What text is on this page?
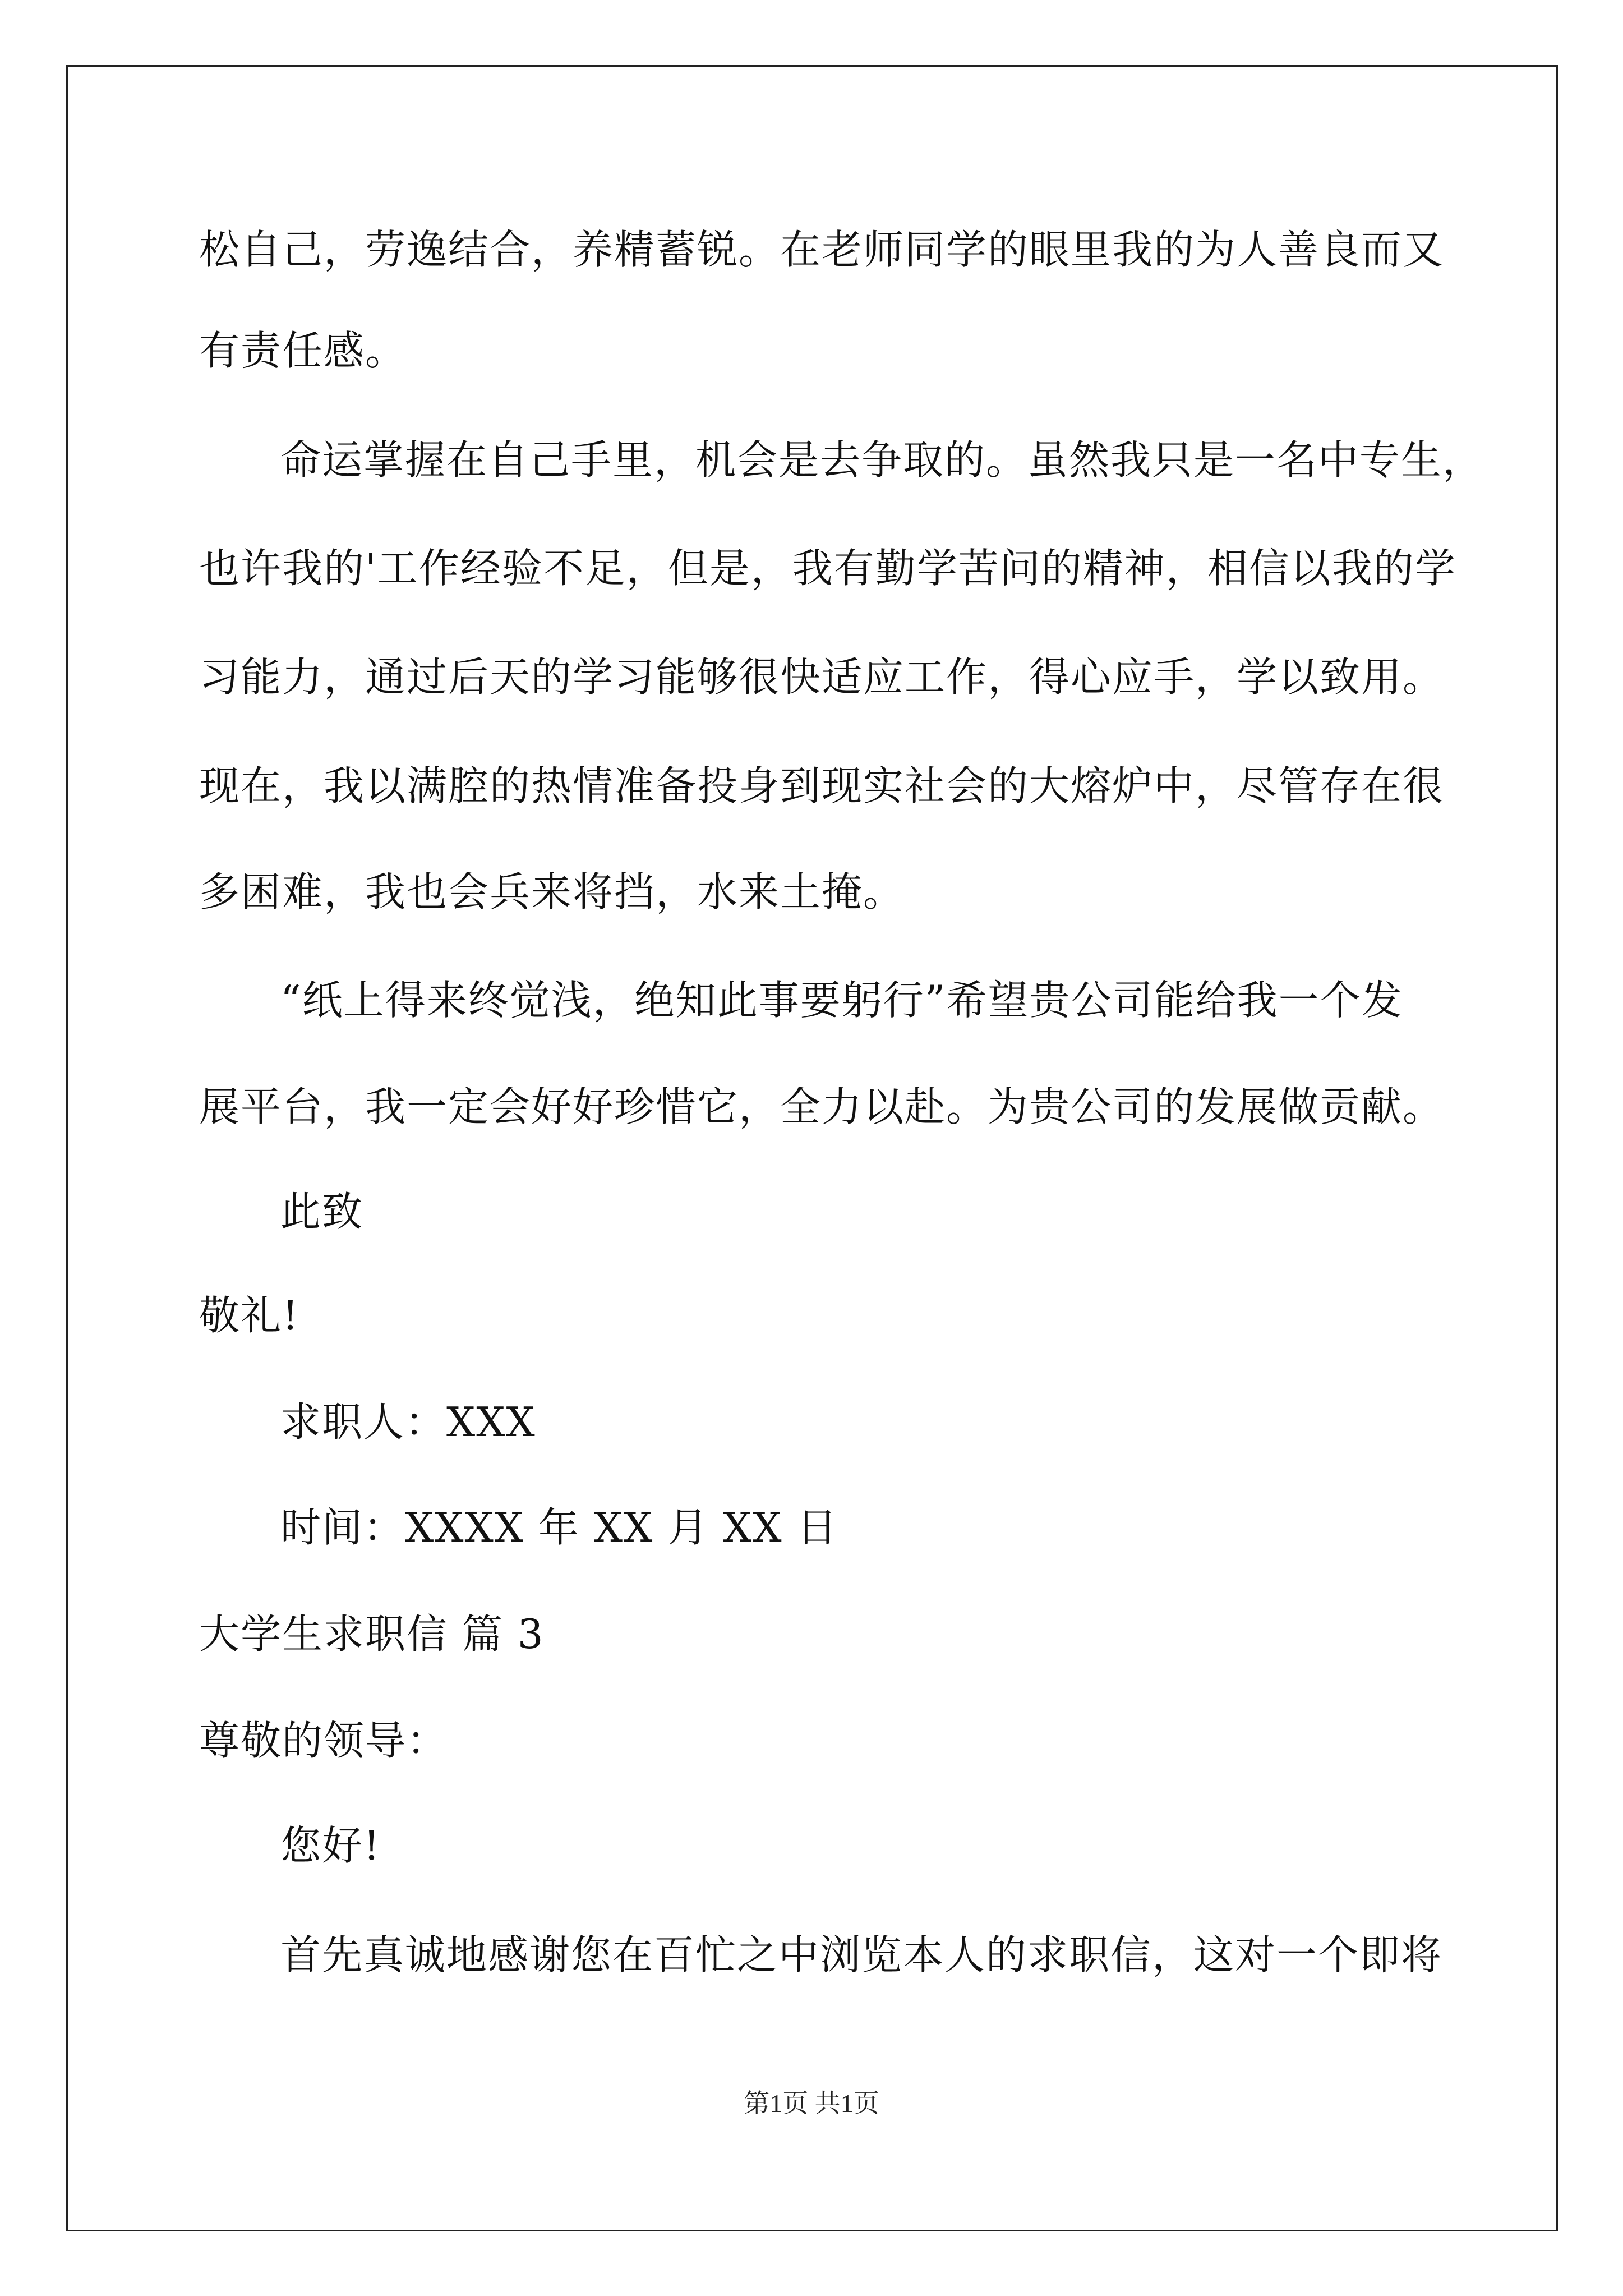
松自己，劳逸结合，养精蓄锐。在老师同学的眼里我的为人善良而又
有责任感。
命运掌握在自己手里，机会是去争取的。虽然我只是一名中专生，
也许我的'工作经验不足，但是，我有勤学苦问的精神，相信以我的学
习能力，通过后天的学习能够很快适应工作，得心应手，学以致用。
现在，我以满腔的热情准备投身到现实社会的大熔炉中，尽管存在很
多困难，我也会兵来将挡，水来土掩。
“纸上得来终觉浅，绝知此事要躬行”希望贵公司能给我一个发
展平台，我一定会好好珍惜它，全力以赴。为贵公司的发展做贡献。
此致
敬礼!
求职人：XXX
时间：XXXX 年 XX 月 XX 日
大学生求职信 篇 3
尊敬的领导：
您好!
首先真诚地感谢您在百忙之中浏览本人的求职信，这对一个即将
第1页 共1页
